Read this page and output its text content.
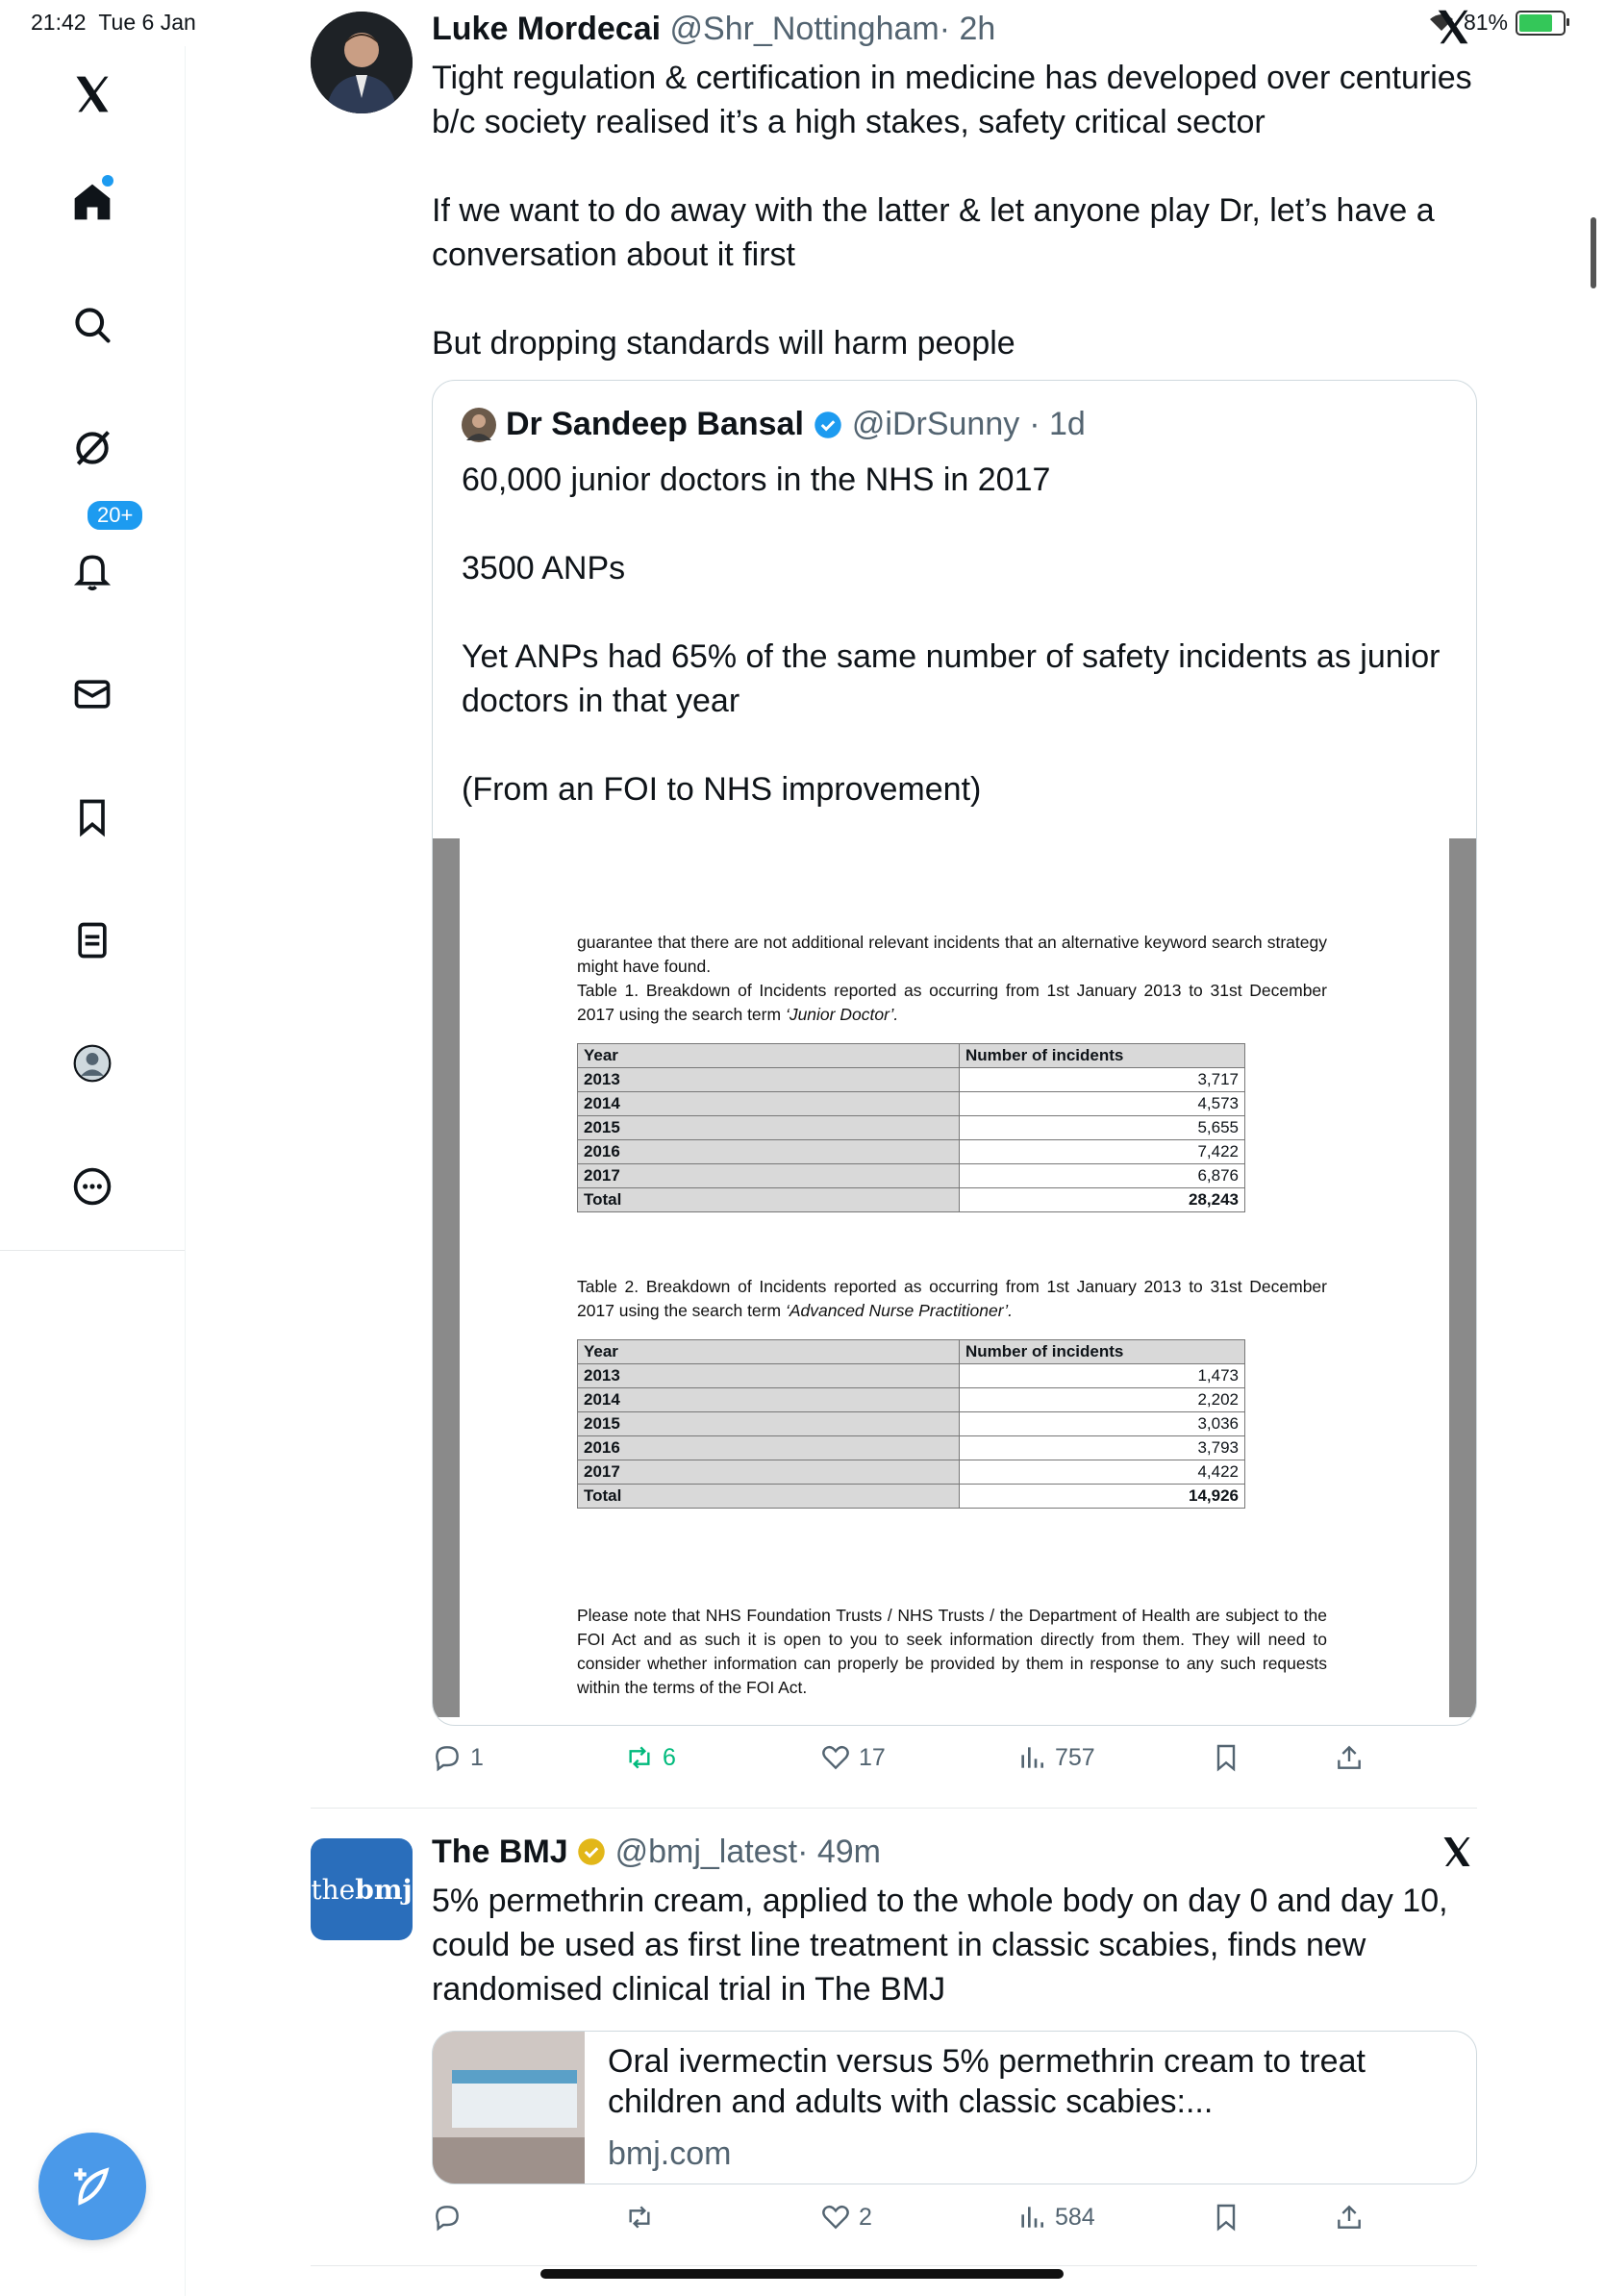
21:42 Tue 6 Jan	81%
20+
Luke Mordecai @Shr_Nottingham· 2h
Tight regulation & certification in medicine has developed over centuries b/c society realised it’s a high stakes, safety critical sector

If we want to do away with the latter & let anyone play Dr, let’s have a conversation about it first

But dropping standards will harm people
Dr Sandeep Bansal @iDrSunny · 1d
60,000 junior doctors in the NHS in 2017

3500 ANPs

Yet ANPs had 65% of the same number of safety incidents as junior doctors in that year

(From an FOI to NHS improvement)
guarantee that there are not additional relevant incidents that an alternative keyword search strategy might have found.
Table 1. Breakdown of Incidents reported as occurring from 1st January 2013 to 31st December 2017 using the search term ‘Junior Doctor’.
Year	Number of incidents
2013	3,717
2014	4,573
2015	5,655
2016	7,422
2017	6,876
Total	28,243
Table 2. Breakdown of Incidents reported as occurring from 1st January 2013 to 31st December 2017 using the search term ‘Advanced Nurse Practitioner’.
Year	Number of incidents
2013	1,473
2014	2,202
2015	3,036
2016	3,793
2017	4,422
Total	14,926
Please note that NHS Foundation Trusts / NHS Trusts / the Department of Health are subject to the FOI Act and as such it is open to you to seek information directly from them. They will need to consider whether information can properly be provided by them in response to any such requests within the terms of the FOI Act.
1	6	17	757
the bmj
The BMJ @bmj_latest· 49m
5% permethrin cream, applied to the whole body on day 0 and day 10, could be used as first line treatment in classic scabies, finds new randomised clinical trial in The BMJ
Oral ivermectin versus 5% permethrin cream to treat children and adults with classic scabies:...
bmj.com
2	584
